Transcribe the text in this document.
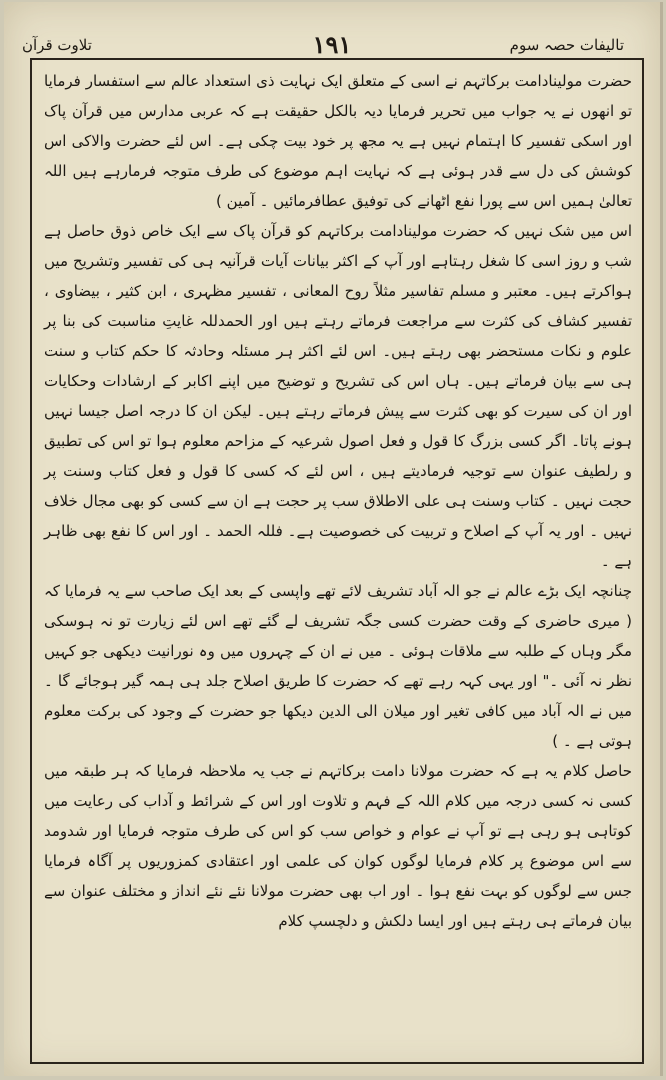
تلاوت قرآن	۱۹۱	تالیفات حصہ سوم

حضرت مولینادامت برکاتہم نے اسی کے متعلق ایک نہایت ذی استعداد عالم سے استفسار فرمایا تو انھوں نے یہ جواب میں تحریر فرمایا دیہ بالکل حقیقت ہے کہ عربی مدارس میں قرآن پاک اور اسکی تفسیر کا اہتمام نہیں ہے یہ مجھ پر خود بیت چکی ہے۔ اس لئے حضرت والاکی اس کوشش کی دل سے قدر ہوئی ہے کہ نہایت اہم موضوع کی طرف متوجہ فرمارہے ہیں اللہ تعالیٰ ہمیں اس سے پورا نفع اٹھانے کی توفیق عطافرمائیں ۔ آمین )

اس میں شک نہیں کہ حضرت مولینادامت برکاتہم کو قرآن پاک سے ایک خاص ذوق حاصل ہے شب و روز اسی کا شغل رہتاہے اور آپ کے اکثر بیانات آیات قرآنیہ ہی کی تفسیر وتشریح میں ہواکرتے ہیں۔ معتبر و مسلم تفاسیر مثلاً روح المعانی ، تفسیر مظہری ، ابن کثیر ، بیضاوی ، تفسیر کشاف کی کثرت سے مراجعت فرماتے رہتے ہیں اور الحمدللہ غایتِ مناسبت کی بنا پر علوم و نکات مستحضر بھی رہتے ہیں۔ اس لئے اکثر ہر مسئلہ وحادثہ کا حکم کتاب و سنت ہی سے بیان فرماتے ہیں۔ ہاں اس کی تشریح و توضیح میں اپنے اکابر کے ارشادات وحکایات اور ان کی سیرت کو بھی کثرت سے پیش فرماتے رہتے ہیں۔ لیکن ان کا درجہ اصل جیسا نہیں ہونے پاتا۔ اگر کسی بزرگ کا قول و فعل اصول شرعیہ کے مزاحم معلوم ہوا تو اس کی تطبیق و رلطیف عنوان سے توجیہ فرمادیتے ہیں ، اس لئے کہ کسی کا قول و فعل کتاب وسنت پر حجت نہیں ۔ کتاب وسنت ہی علی الاطلاق سب پر حجت ہے ان سے کسی کو بھی مجال خلاف نہیں ۔ اور یہ آپ کے اصلاح و تربیت کی خصوصیت ہے۔ فللہ الحمد ۔ اور اس کا نفع بھی ظاہر ہے ۔

چنانچہ ایک بڑے عالم نے جو الہ آباد تشریف لائے تھے واپسی کے بعد ایک صاحب سے یہ فرمایا کہ ( میری حاضری کے وقت حضرت کسی جگہ تشریف لے گئے تھے اس لئے زیارت تو نہ ہوسکی مگر وہاں کے طلبہ سے ملاقات ہوئی ۔ میں نے ان کے چہروں میں وہ نورانیت دیکھی جو کہیں نظر نہ آئی ۔" اور یہی کہہ رہے تھے کہ حضرت کا طریق اصلاح جلد ہی ہمہ گیر ہوجائے گا ۔ میں نے الہ آباد میں کافی تغیر اور میلان الی الدین دیکھا جو حضرت کے وجود کی برکت معلوم ہوتی ہے ۔ )

حاصل کلام یہ ہے کہ حضرت مولانا دامت برکاتہم نے جب یہ ملاحظہ فرمایا کہ ہر طبقہ میں کسی نہ کسی درجہ میں کلام اللہ کے فہم و تلاوت اور اس کے شرائط و آداب کی رعایت میں کوتاہی ہو رہی ہے تو آپ نے عوام و خواص سب کو اس کی طرف متوجہ فرمایا اور شدومد سے اس موضوع پر کلام فرمایا لوگوں کوان کی علمی اور اعتقادی کمزوریوں پر آگاہ فرمایا جس سے لوگوں کو بہت نفع ہوا ۔ اور اب بھی حضرت مولانا نئے نئے انداز و مختلف عنوان سے بیان فرماتے ہی رہتے ہیں اور ایسا دلکش و دلچسپ کلام
